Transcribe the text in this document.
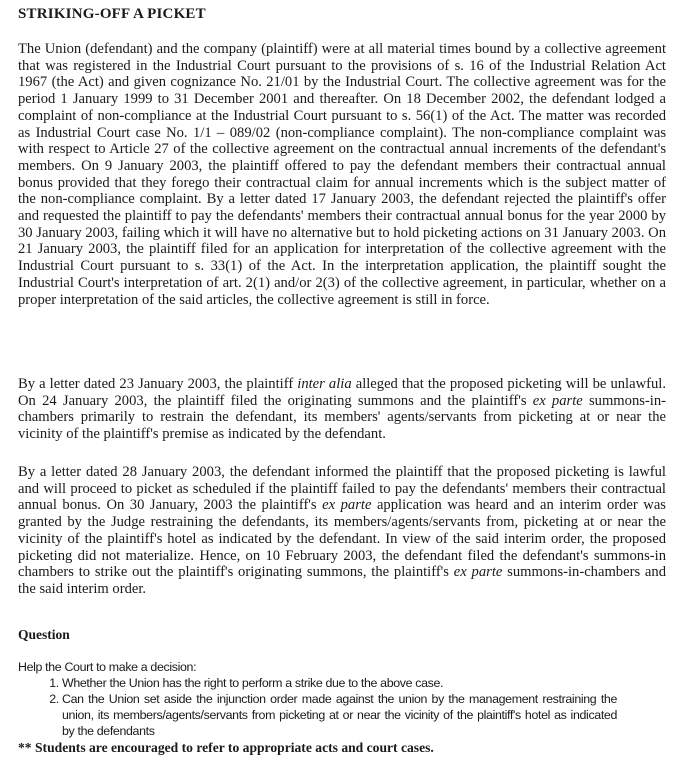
STRIKING-OFF A PICKET

The Union (defendant) and the company (plaintiff) were at all material times bound by a collective agreement that was registered in the Industrial Court pursuant to the provisions of s. 16 of the Industrial Relation Act 1967 (the Act) and given cognizance No. 21/01 by the Industrial Court. The collective agreement was for the period 1 January 1999 to 31 December 2001 and thereafter. On 18 December 2002, the defendant lodged a complaint of non-compliance at the Industrial Court pursuant to s. 56(1) of the Act. The matter was recorded as Industrial Court case No. 1/1 – 089/02 (non-compliance complaint). The non-compliance complaint was with respect to Article 27 of the collective agreement on the contractual annual increments of the defendant's members. On 9 January 2003, the plaintiff offered to pay the defendant members their contractual annual bonus provided that they forego their contractual claim for annual increments which is the subject matter of the non-compliance complaint. By a letter dated 17 January 2003, the defendant rejected the plaintiff's offer and requested the plaintiff to pay the defendants' members their contractual annual bonus for the year 2000 by 30 January 2003, failing which it will have no alternative but to hold picketing actions on 31 January 2003. On 21 January 2003, the plaintiff filed for an application for interpretation of the collective agreement with the Industrial Court pursuant to s. 33(1) of the Act. In the interpretation application, the plaintiff sought the Industrial Court's interpretation of art. 2(1) and/or 2(3) of the collective agreement, in particular, whether on a proper interpretation of the said articles, the collective agreement is still in force.

By a letter dated 23 January 2003, the plaintiff inter alia alleged that the proposed picketing will be unlawful. On 24 January 2003, the plaintiff filed the originating summons and the plaintiff's ex parte summons-in-chambers primarily to restrain the defendant, its members' agents/servants from picketing at or near the vicinity of the plaintiff's premise as indicated by the defendant.

By a letter dated 28 January 2003, the defendant informed the plaintiff that the proposed picketing is lawful and will proceed to picket as scheduled if the plaintiff failed to pay the defendants' members their contractual annual bonus. On 30 January, 2003 the plaintiff's ex parte application was heard and an interim order was granted by the Judge restraining the defendants, its members/agents/servants from, picketing at or near the vicinity of the plaintiff's hotel as indicated by the defendant. In view of the said interim order, the proposed picketing did not materialize. Hence, on 10 February 2003, the defendant filed the defendant's summons-in chambers to strike out the plaintiff's originating summons, the plaintiff's ex parte summons-in-chambers and the said interim order.

Question
Help the Court to make a decision:
1. Whether the Union has the right to perform a strike due to the above case.
2. Can the Union set aside the injunction order made against the union by the management restraining the union, its members/agents/servants from picketing at or near the vicinity of the plaintiff's hotel as indicated by the defendants
** Students are encouraged to refer to appropriate acts and court cases.
